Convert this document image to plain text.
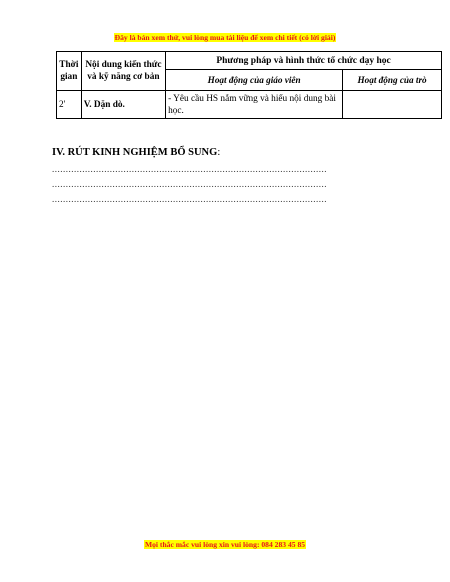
Đây là bản xem thử, vui lòng mua tài liệu để xem chi tiết (có lời giải)
Thời gian	Nội dung kiến thức và kỹ năng cơ bản	Phương pháp và hình thức tổ chức dạy học	
		Hoạt động của giáo viên	Hoạt động của trò
2'	V. Dặn dò.	- Yêu cầu HS nắm vững và hiểu nội dung bài học.	
IV. RÚT KINH NGHIỆM BỔ SUNG:
....................................................................................................
....................................................................................................
....................................................................................................
Mọi thắc mắc vui lòng xin vui lòng: 084 283 45 85
